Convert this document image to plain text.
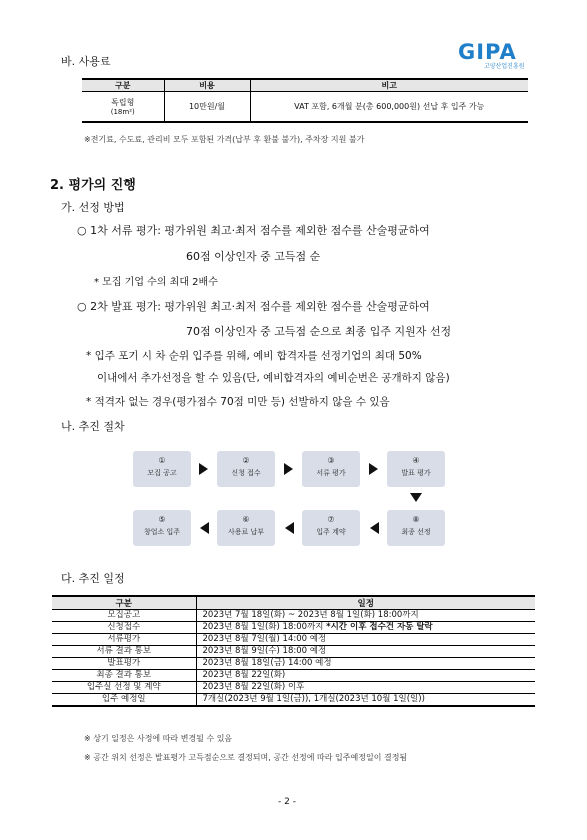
GIPA
고양산업진흥원
바. 사용료
구분	비용	비고

독립형
(18m²)	10만원/월	VAT 포함, 6개월 분(총 600,000원) 선납 후 입주 가능
※전기료, 수도료, 관리비 모두 포함된 가격(납부 후 환불 불가), 주차장 지원 불가
2. 평가의 진행
가. 선정 방법
○ 1차 서류 평가: 평가위원 최고·최저 점수를 제외한 점수를 산술평균하여
60점 이상인자 중 고득점 순
* 모집 기업 수의 최대 2배수
○ 2차 발표 평가: 평가위원 최고·최저 점수를 제외한 점수를 산술평균하여
70점 이상인자 중 고득점 순으로 최종 입주 지원자 선정
* 입주 포기 시 차 순위 입주를 위해, 예비 합격자를 선정기업의 최대 50%
이내에서 추가선정을 할 수 있음(단, 예비합격자의 예비순번은 공개하지 않음)
* 적격자 없는 경우(평가점수 70점 미만 등) 선발하지 않을 수 있음
나. 추진 절차
①
모집 공고
②
신청 접수
③
서류 평가
④
발표 평가
⑤
창업소 입주
⑥
사용료 납부
⑦
입주 계약
⑧
최종 선정
다. 추진 일정
구분	일정
모집공고	2023년 7월 18일(화) ~ 2023년 8월 1일(화) 18:00까지
신청접수	2023년 8월 1일(화) 18:00까지 *시간 이후 접수건 자동 탈락
서류평가	2023년 8월 7일(월) 14:00 예정
서류 결과 통보	2023년 8월 9일(수) 18:00 예정
발표평가	2023년 8월 18일(금) 14:00 예정
최종 결과 통보	2023년 8월 22일(화)
입주실 선정 및 계약	2023년 8월 22일(화) 이후
입주 예정일	7개실(2023년 9월 1일(금)), 1개실(2023년 10월 1일(일))
※ 상기 일정은 사정에 따라 변경될 수 있음
※ 공간 위치 선정은 발표평가 고득점순으로 결정되며, 공간 선정에 따라 입주예정일이 결정됨
- 2 -
